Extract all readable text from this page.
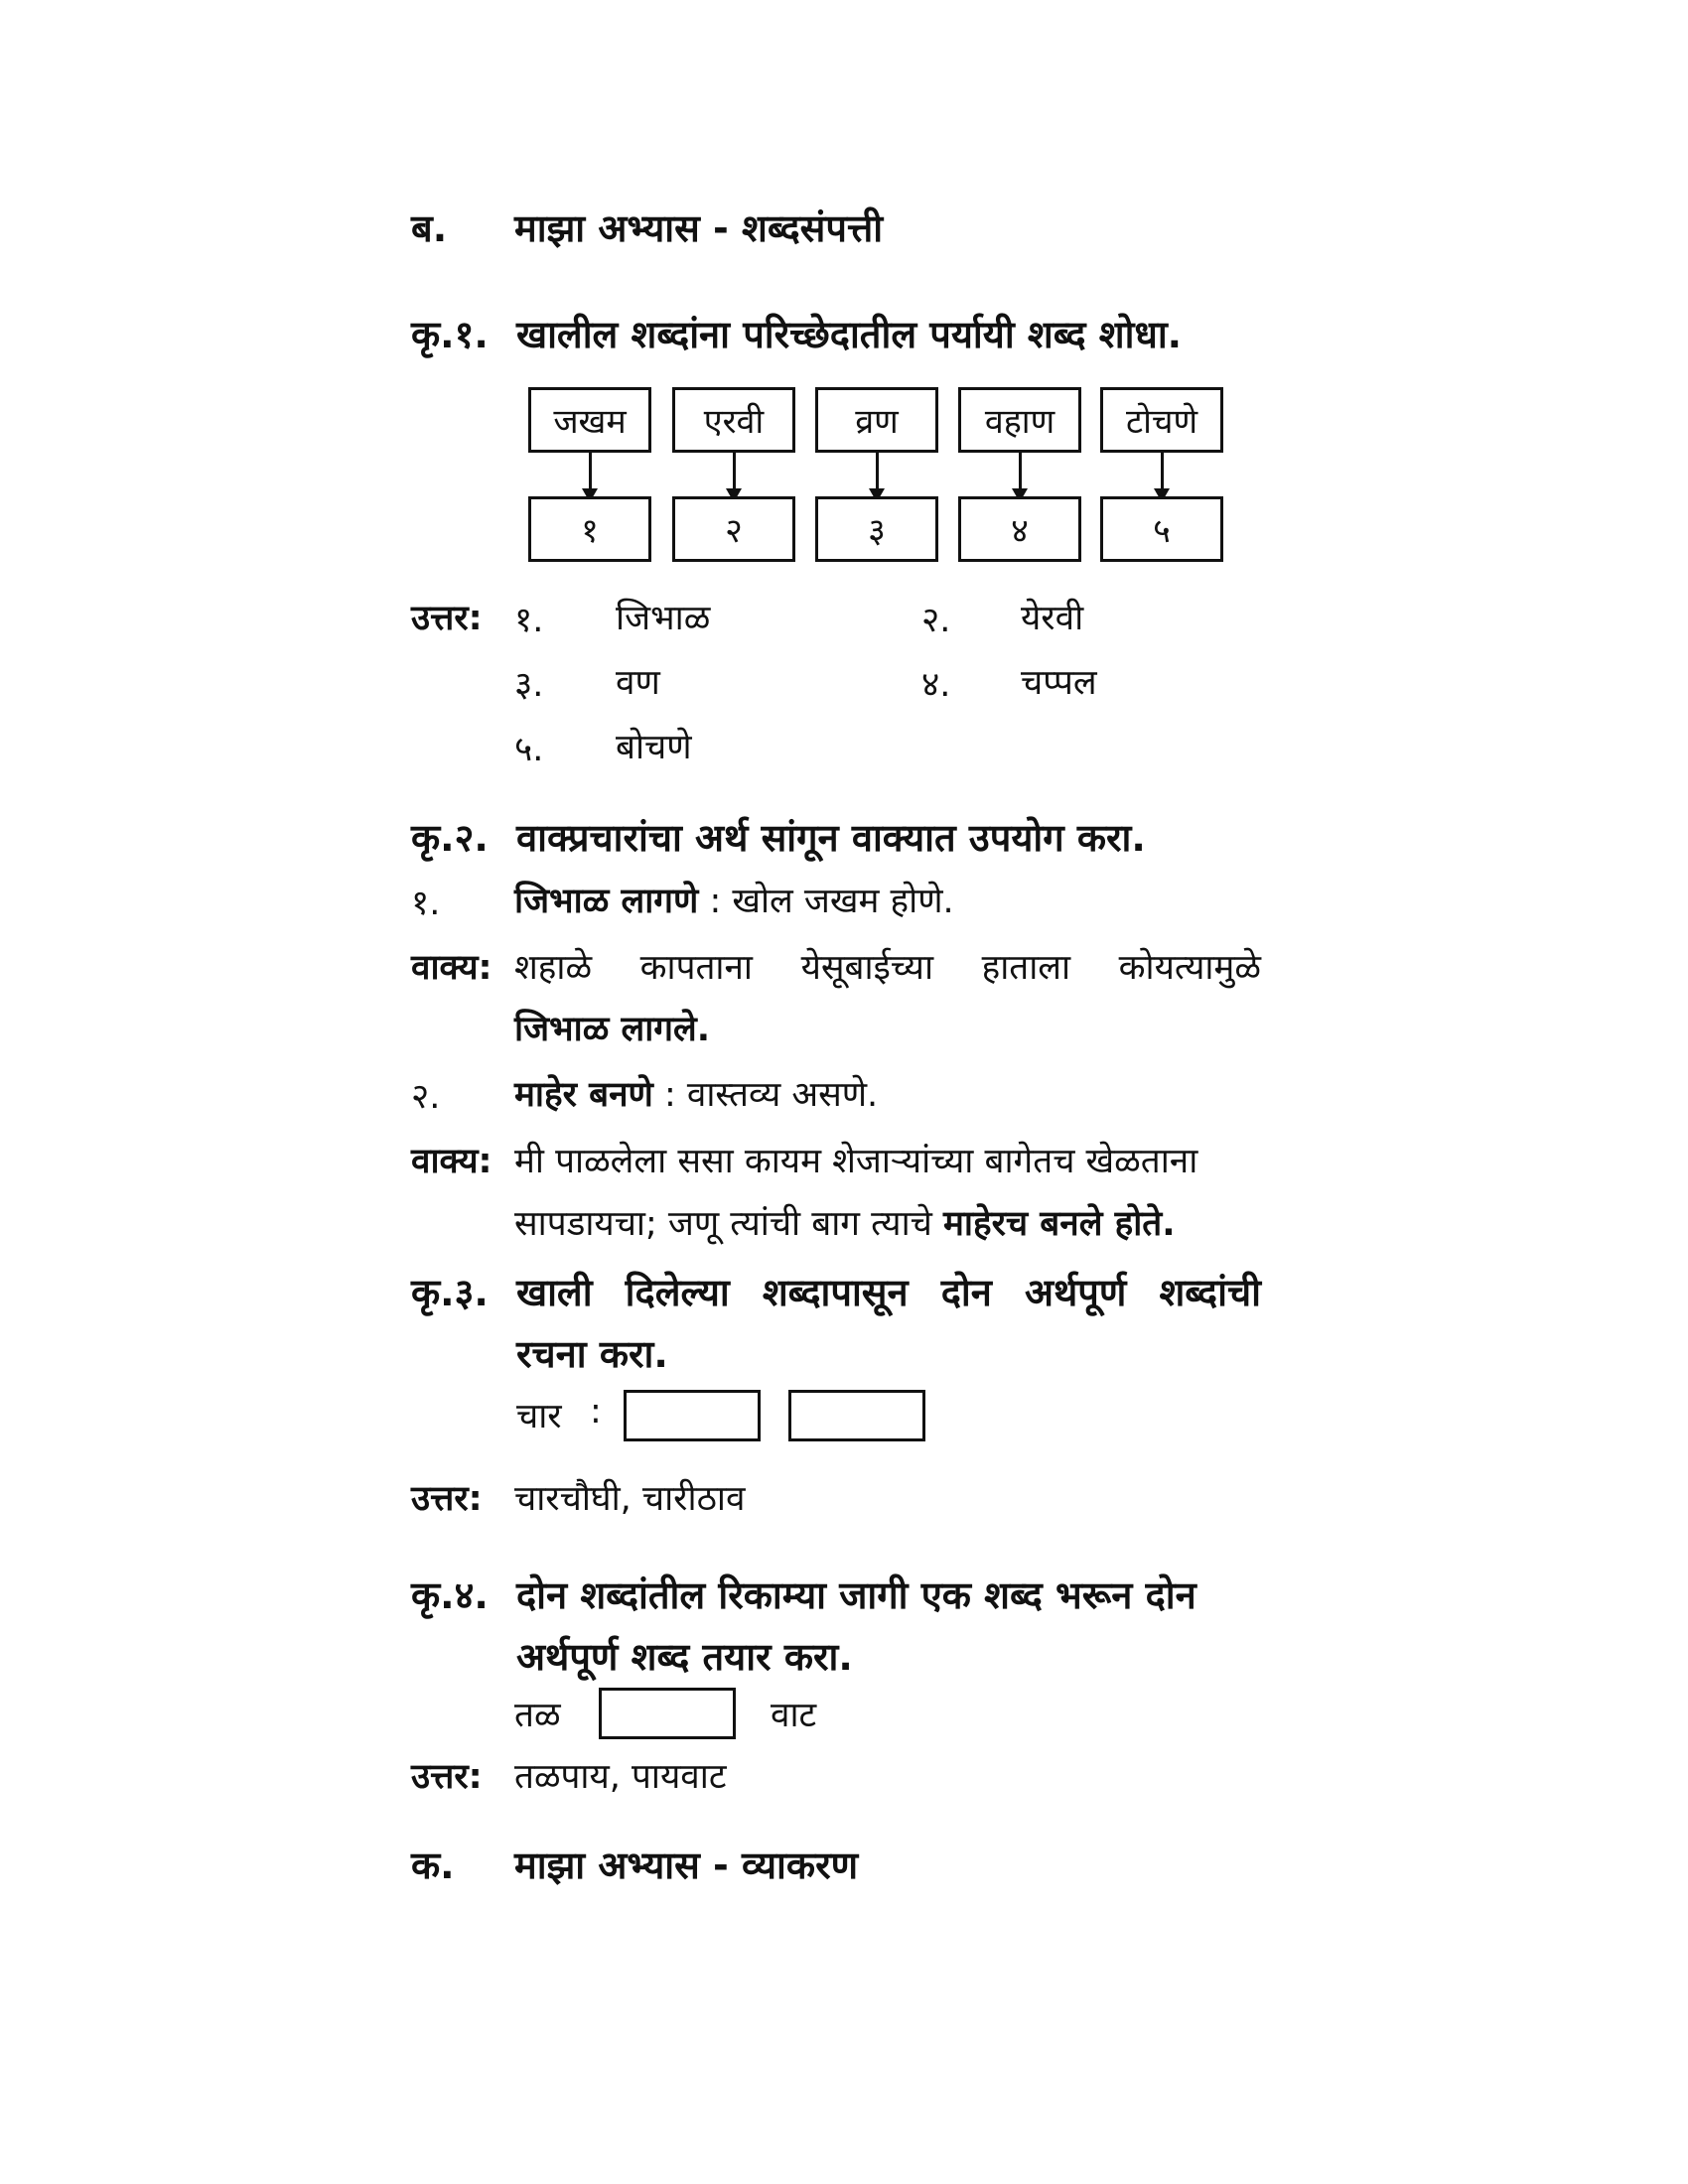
ब. माझा अभ्यास - शब्दसंपत्ती
कृ.१. खालील शब्दांना परिच्छेदातील पर्यायी शब्द शोधा.
जखम	एरवी	व्रण	वहाण	टोचणे
१	२	३	४	५
उत्तर: १. जिभाळ	२. येरवी
३. वण	४. चप्पल
५. बोचणे
कृ.२. वाक्प्रचारांचा अर्थ सांगून वाक्यात उपयोग करा.
१. जिभाळ लागणे : खोल जखम होणे.
वाक्य: शहाळे कापताना येसूबाईच्या हाताला कोयत्यामुळे
जिभाळ लागले.
२. माहेर बनणे : वास्तव्य असणे.
वाक्य: मी पाळलेला ससा कायम शेजाऱ्यांच्या बागेतच खेळताना
सापडायचा; जणू त्यांची बाग त्याचे माहेरच बनले होते.
कृ.३. खाली दिलेल्या शब्दापासून दोन अर्थपूर्ण शब्दांची
रचना करा.
चार :
उत्तर: चारचौघी, चारीठाव
कृ.४. दोन शब्दांतील रिकाम्या जागी एक शब्द भरून दोन
अर्थपूर्ण शब्द तयार करा.
तळ	वाट
उत्तर: तळपाय, पायवाट
क. माझा अभ्यास - व्याकरण
